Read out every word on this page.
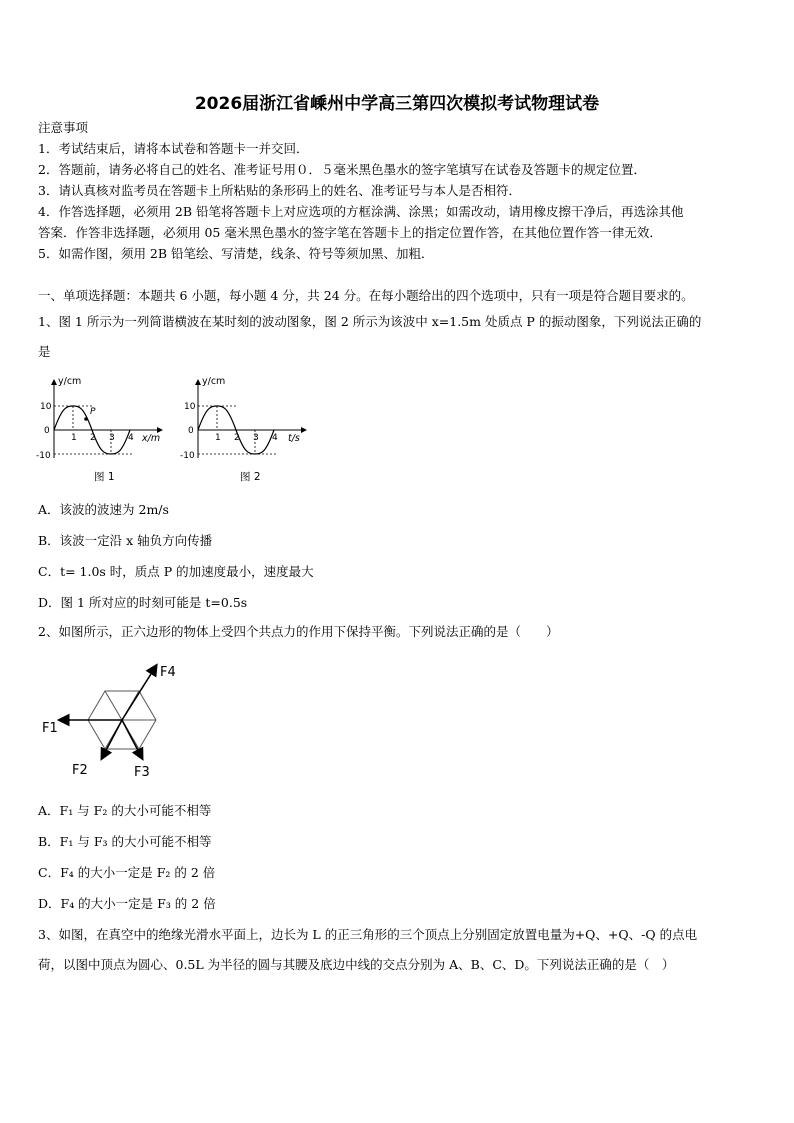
2026届浙江省嵊州中学高三第四次模拟考试物理试卷
注意事项
1．考试结束后，请将本试卷和答题卡一并交回．
2．答题前，请务必将自己的姓名、准考证号用０．５毫米黑色墨水的签字笔填写在试卷及答题卡的规定位置．
3．请认真核对监考员在答题卡上所粘贴的条形码上的姓名、准考证号与本人是否相符．
4．作答选择题，必须用 2B 铅笔将答题卡上对应选项的方框涂满、涂黑；如需改动，请用橡皮擦干净后，再选涂其他
答案．作答非选择题，必须用 05 毫米黑色墨水的签字笔在答题卡上的指定位置作答，在其他位置作答一律无效．
5．如需作图，须用 2B 铅笔绘、写清楚，线条、符号等须加黑、加粗．
一、单项选择题：本题共 6 小题，每小题 4 分，共 24 分。在每小题给出的四个选项中，只有一项是符合题目要求的。
1、图 1 所示为一列简谐横波在某时刻的波动图象，图 2 所示为该波中 x=1.5m 处质点 P 的振动图象，下列说法正确的
是
P
y/cm
x/m
10
0
-10
1 2 3 4
图 1
y/cm
t/s
10
0
-10
1 2 3 4
图 2
A．该波的波速为 2m/s
B．该波一定沿 x 轴负方向传播
C．t= 1.0s 时，质点 P 的加速度最小，速度最大
D．图 1 所对应的时刻可能是 t=0.5s
2、如图所示，正六边形的物体上受四个共点力的作用下保持平衡。下列说法正确的是（　　）
F4
F1
F2	F3
A．F₁ 与 F₂ 的大小可能不相等
B．F₁ 与 F₃ 的大小可能不相等
C．F₄ 的大小一定是 F₂ 的 2 倍
D．F₄ 的大小一定是 F₃ 的 2 倍
3、如图，在真空中的绝缘光滑水平面上，边长为 L 的正三角形的三个顶点上分别固定放置电量为+Q、+Q、-Q 的点电
荷，以图中顶点为圆心、0.5L 为半径的圆与其腰及底边中线的交点分别为 A、B、C、D。下列说法正确的是（　）
